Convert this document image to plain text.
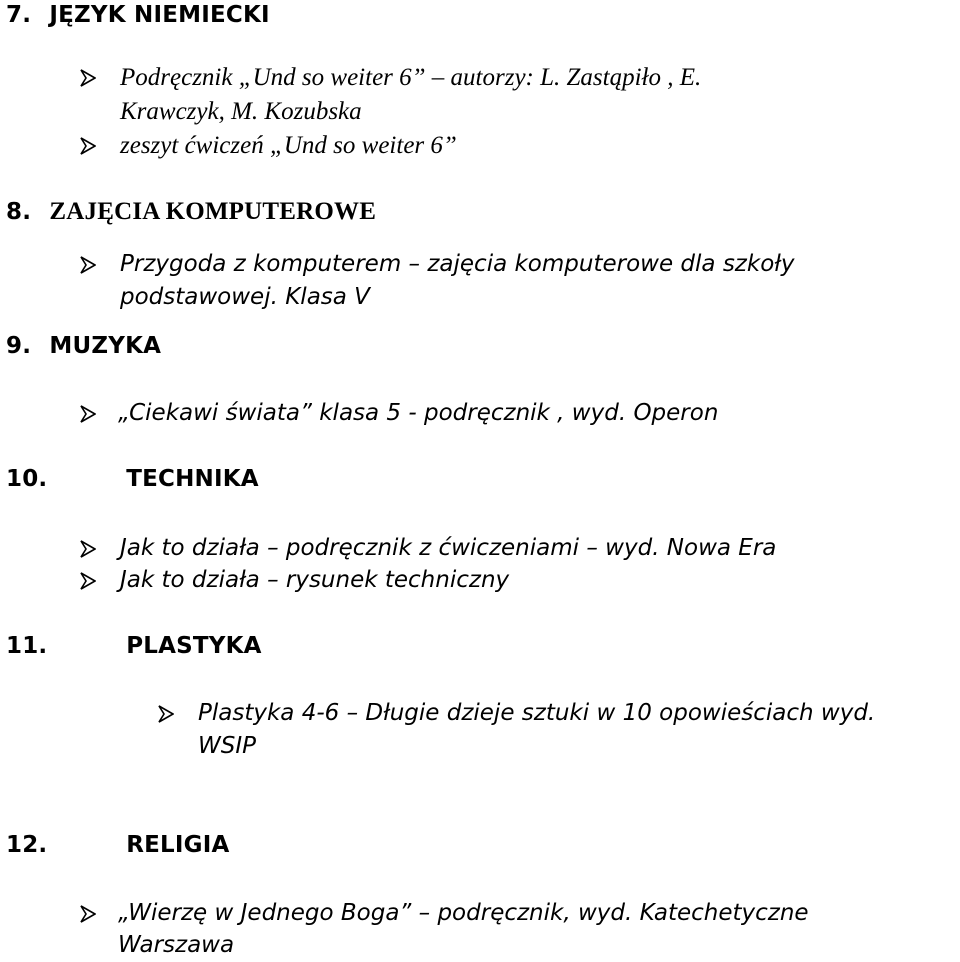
7. JĘZYK NIEMIECKI
Podręcznik „Und so weiter 6” – autorzy: L. Zastąpiło , E.
Krawczyk, M. Kozubska
zeszyt ćwiczeń „Und so weiter 6”
8. ZAJĘCIA KOMPUTEROWE
Przygoda z komputerem – zajęcia komputerowe dla szkoły
podstawowej. Klasa V
9. MUZYKA
„Ciekawi świata” klasa 5 - podręcznik , wyd. Operon
10.	TECHNIKA
Jak to działa – podręcznik z ćwiczeniami – wyd. Nowa Era
Jak to działa – rysunek techniczny
11.	PLASTYKA
Plastyka 4-6 – Długie dzieje sztuki w 10 opowieściach wyd.
WSIP
12.	RELIGIA
„Wierzę w Jednego Boga” – podręcznik, wyd. Katechetyczne
Warszawa
